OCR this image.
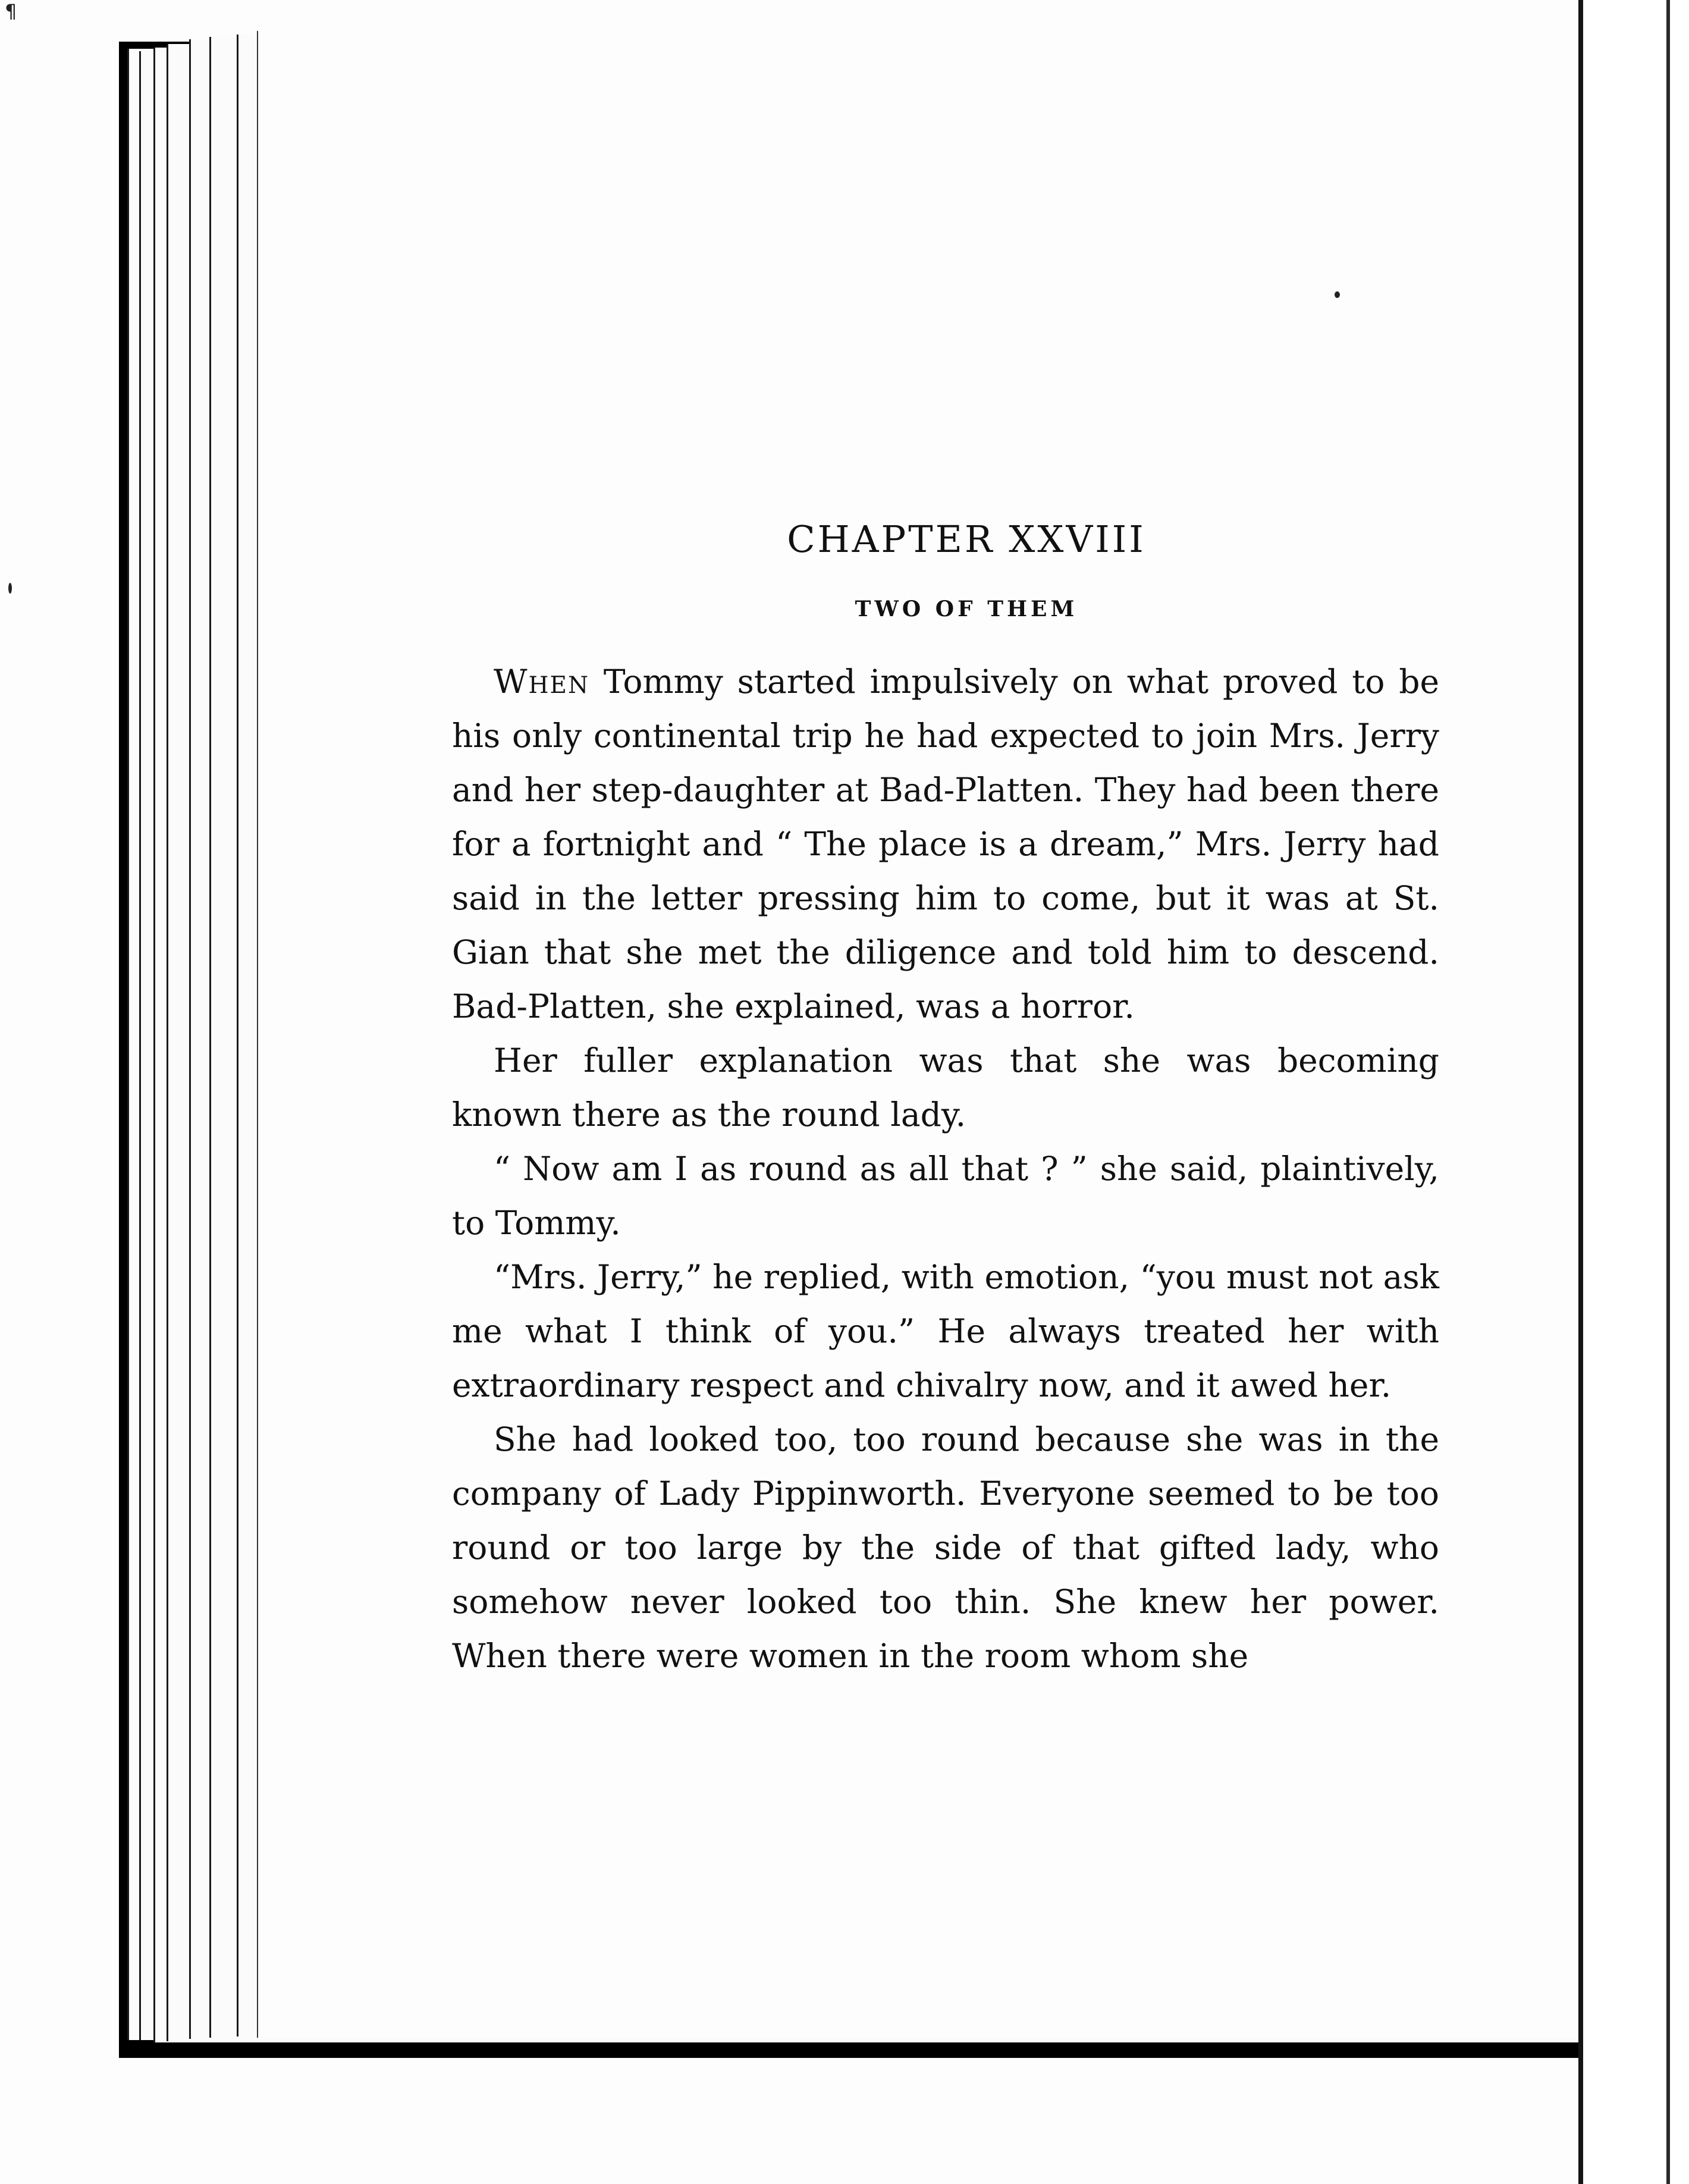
¶
CHAPTER XXVIII
TWO OF THEM

When Tommy started impulsively on what proved to be his only continental trip he had expected to join Mrs. Jerry and her step-daughter at Bad-Platten. They had been there for a fortnight and “ The place is a dream,” Mrs. Jerry had said in the letter pressing him to come, but it was at St. Gian that she met the diligence and told him to descend. Bad-Platten, she explained, was a horror.

Her fuller explanation was that she was becoming known there as the round lady.

“ Now am I as round as all that ? ” she said, plaintively, to Tommy.

“Mrs. Jerry,” he replied, with emotion, “you must not ask me what I think of you.” He always treated her with extraordinary respect and chivalry now, and it awed her.

She had looked too, too round because she was in the company of Lady Pippinworth. Everyone seemed to be too round or too large by the side of that gifted lady, who somehow never looked too thin. She knew her power. When there were women in the room whom she
